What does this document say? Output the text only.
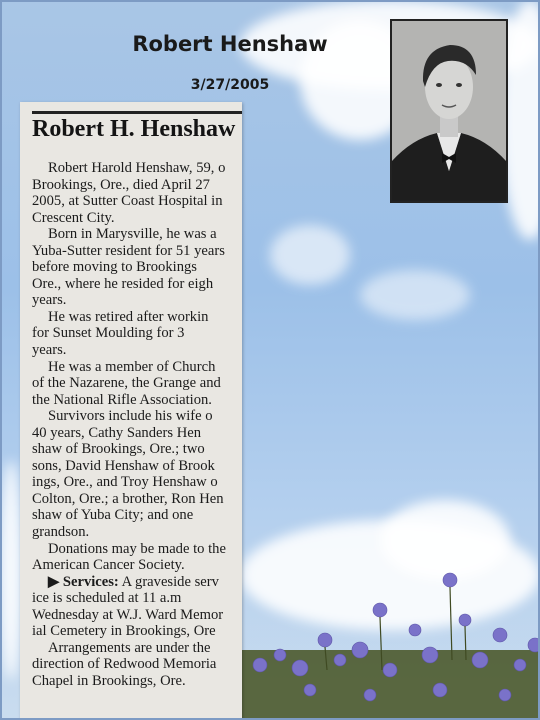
Robert Henshaw
3/27/2005
Robert H. Henshaw
Robert Harold Henshaw, 59, o
Brookings, Ore., died April 27
2005, at Sutter Coast Hospital in
Crescent City.
Born in Marysville, he was a
Yuba-Sutter resident for 51 years
before moving to Brookings
Ore., where he resided for eigh
years.
He was retired after workin
for Sunset Moulding for 3
years.
He was a member of Church
of the Nazarene, the Grange and
the National Rifle Association.
Survivors include his wife o
40 years, Cathy Sanders Hen
shaw of Brookings, Ore.; two
sons, David Henshaw of Brook
ings, Ore., and Troy Henshaw o
Colton, Ore.; a brother, Ron Hen
shaw of Yuba City; and one
grandson.
Donations may be made to the
American Cancer Society.
▶ Services: A graveside serv
ice is scheduled at 11 a.m
Wednesday at W.J. Ward Memor
ial Cemetery in Brookings, Ore
Arrangements are under the
direction of Redwood Memoria
Chapel in Brookings, Ore.
